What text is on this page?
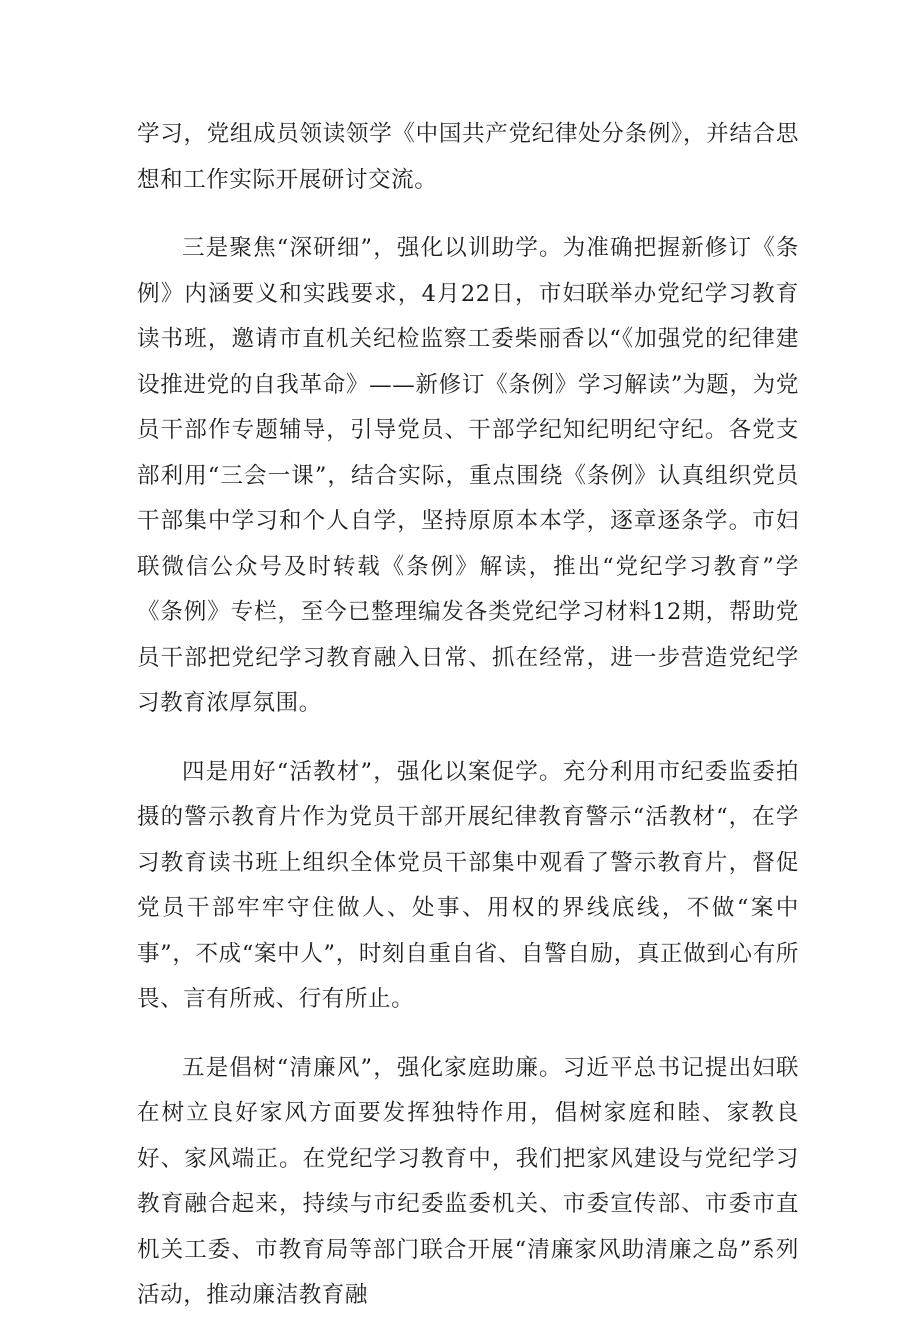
学习，党组成员领读领学《中国共产党纪律处分条例》，并结合思想和工作实际开展研讨交流。

三是聚焦“深研细”，强化以训助学。为准确把握新修订《条例》内涵要义和实践要求，4月22日，市妇联举办党纪学习教育读书班，邀请市直机关纪检监察工委柴丽香以“《加强党的纪律建设推进党的自我革命》——新修订《条例》学习解读”为题，为党员干部作专题辅导，引导党员、干部学纪知纪明纪守纪。各党支部利用“三会一课”，结合实际，重点围绕《条例》认真组织党员干部集中学习和个人自学，坚持原原本本学，逐章逐条学。市妇联微信公众号及时转载《条例》解读，推出“党纪学习教育”学《条例》专栏，至今已整理编发各类党纪学习材料12期，帮助党员干部把党纪学习教育融入日常、抓在经常，进一步营造党纪学习教育浓厚氛围。

四是用好“活教材”，强化以案促学。充分利用市纪委监委拍摄的警示教育片作为党员干部开展纪律教育警示“活教材“，在学习教育读书班上组织全体党员干部集中观看了警示教育片，督促党员干部牢牢守住做人、处事、用权的界线底线，不做“案中事”，不成“案中人”，时刻自重自省、自警自励，真正做到心有所畏、言有所戒、行有所止。

五是倡树“清廉风”，强化家庭助廉。习近平总书记提出妇联在树立良好家风方面要发挥独特作用，倡树家庭和睦、家教良好、家风端正。在党纪学习教育中，我们把家风建设与党纪学习教育融合起来，持续与市纪委监委机关、市委宣传部、市委市直机关工委、市教育局等部门联合开展“清廉家风助清廉之岛”系列活动，推动廉洁教育融
